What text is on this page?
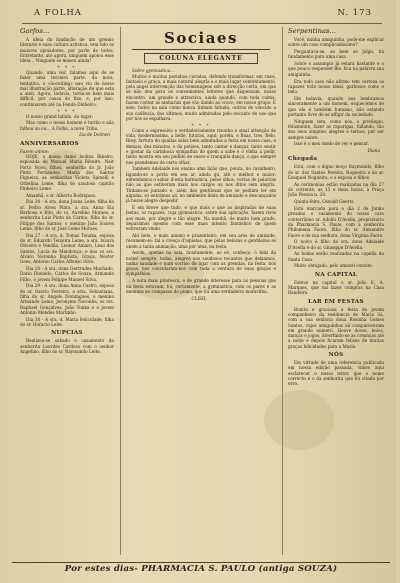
A FOLHA	N. 173
Garfos...

A ideia da fundação de um gremio literario e suas cultura artística, tem tido os maiores apoiadores, por parte de todos. Entretanto, até agora, ninguem apoiou esse ideia... Ninguem se mexeu ainda!

* * *

Quando, uma vez, falamos aqui de se fazer uma terceira parte, da nova, tentativa, a «Soceiting» nao viu de nosso mal illustração parte, alteração de que esta a aleit. Agora, todavia, torna-se bem mais difficil, por causa do fixo, e, por isso, continuarem até na Fenda-Dinheiro.

* * *

O nosso grand fallido, do lugar:

Mas como o nosso homem é tardio e não falhou ou ou... A Folha, a nové Tribu.

Lia de Dolmen
ANNIVERSARIOS
Fazem annos:

HOJE, a nossa dama Isolina Ribeiro, esposada do Manuel Maria Ribeiro, Nair Porto Novo, filhos, senhorita do Jr. João Pinto Fernandes, Maria dos Santos Figueira, as senhoritas Violeta Spinelli e Orbelina Leme, filha do saudoso capitão Pinheiro Leme.

Amanhã, o sr. Alberto Rodrigues.

Dia 24 - A sra. dona Joana Leite, filha do sr. Pedro Alves Pinto, a sra. Anna Ela Barbosa e Bito, do cs. Aurelino Moraes; a senhorita Luiz Pinto do Carmo, filha do sr. Filippe dos Santos; o menino João Soares Leme, filho do sr. José Leme Moraes.

Dia 27 - A sra. d. Tomaz Tonaka, esposa do sr. Eduardo Teixeira Leme, a sra. Isaura Oliveira e Vendão, Leonor Amaro, Leao dos Santos, Lucia de Mendonça; e dos os srs. Alvaro Noronha Baptista, Graça, Nestor Goes, Antonio Carlos Affonso Silva.

Dia 28 - A sra. dona Gertrudes Machado, Dario Dionedo, Carlos de Souza, Armando Filho, o jovem Felippe Manoel Silva.

Dia 29 - A sra. dona Anna Castro, esposa do sr. Ozorio Ferreira, a srta. Sebastiana, filha do sr. Angelo Domingues, o menino Armando Leme, Jeronymo Noronha, os srs. Raphael Gonçalves, João Tonka e o jovem Antonio Mendes Martinho.

Dia 30 - A sra. d. Maria Felicidade, filha do sr. Horacio Leite.

NUPCIAS

Realizou-se sabado o casamento da senhorita Lourdes Cardoso com o senhor Angelino, filho do sr. Raymundo Leite.

Sociaes
COLUNA ELEGANTE
Sobre gymnastica...

Muitos e muitos pezinhos curados, defendo transformar, em risos, fantasia e graça, a mais natural alegria e o mais lugar contentamento, pela angel intervenção das homenagens sob a direcção certa, em que se não deu para os convenientes leitores que dispensam, nosso encontro, um grande e attractivo, ainda quando, com toda calma, fazem contar as ninharias que vão dando ao cravo, em nosso grupo. E este, todos na sala como nunca tinham faltado, outros de vencido a sua cadência, dos ultimos, muito admiradas pelo encanto do uso que por nós se espalhava.

* * *

Como a expressiva e verdadeiramente risonha e sinal attenção de vida, modernissima, a belle, futuras, aqui; porém, e finas, tres, Belo, Rosy, fartura do quallas salas bem admiradas a festa em nossa casa, e demais, dez minutos, o da petizes, tanto cantar e dançar, tanto sentir e gostar da carinhosa sympathia do quem a sabe e o vinha a pedir, tanto mostra em seu pedido de suave e tranquila dança, o que sempre nos prendemos de certo olhar.

Tambem Adelaide nos ensina uma lição que, pouca, no cavalheiro, ligando-se a porta em seu ar, ainda qu, até o melhor e maior: entendamos o sabor d'esta harmonica, pelos olhos, certas de palavras não as que estiveram mais nos cargos ou nos ditos sem alegria. Tinham-se juntado e, além das gentilezas que se podiam ler em alguma, só entrámos ali, no ambiente lindo de amizade e descançados já nesse alegre despedir.

É em breve que tudo, e que mais o que as inspiradas de suas festas, os rapazes, cuja gymnastica, sobre sua aplicação, fazem risos aos mais, por alegre e tão alegre. Na manhã, de muito bom grado, deparámos mesmo com esse mais intento fantástico de quem estiveram vindo.

Ahi belo, o mais ameno e prazenteiro, em seu ares de amizade, resumem-se: tal a cresça d'aquelas, que pelas belezas e gentilezas se unem a tanta animação, uma por uma, na festa.

Assim, apenas na sala, faustamente, ao sé, conheço, ó feliz da noite! sempre, todas, alegres nos saudosos recantos que deixamos, numa saudade e num sorriso de ligar com as prendas, na festa, nos gosas, nos convidaram-nos com toda a ventura de suas graças e sympathias.

A nota mais pitoresca, e de grande interesse para as pessoas que na festa estavam, foi, certamente, a gymnastica, com os pares e as meninas ao compasso do piano, que foi uma verdadeira maravilha.

CLISIL
Serpentinas...

Você, minha amiguinha, pode-me explicar sobre um caso complicadissimo?

Perguntava-se, se bem se julga, há fundamento para uma casa.

Sobre o assumpto já estará bastante e o que pouco responder-lhe, fica na palavra sua amiguinha.

Era todo caso não afirmo tem certeza os rapazes todo nosso ideal, garbosos como o belo.

Em todavia, quando nos lembramos sinceramente a um homem, esquecemos de que ele é também humano, não estando portanto livre de se affigir da sociedade.

Ninguem tem, como nós, o privilegio, felizmente, fazer as raparigas, fallando, tão dos seus singelos alegres e ternos, por ser sempre nobre.

Isso é o meu modo de ver e pensar.

Diana
Chegada

Está, com o digno moço Raymundo, filho do sr. dos Santos Pereira, Nogueira e do sr. Ezequiel Nogueira, e a esposa e filhos.

As cerimonias estão realizadas na dia 27 do corrente, as 15 e meia horas, à Praça João Pessoa n. 20.

Quinta-feira, Oswald Geerts.

Está marcado para o dia 2 de Junho proximo o casamento do nosso caro conterrâneo sr. Adolfo D'Avella, proprietario da Pharmacia S. Paulo, com a senhorita Philomena Faoro, filha do sr. Alexandre Faoro e de sua senhora, dona Virginia Faoro.

O noivo é filho da sra. dona Adelaide D'Avella e do sr. Giuseppe D'Avella.

As bodas serão realizadas na capella da Santa Casa.

Muito obrigado, pelo amavel convite.

NA CAPITAL

Esteve na capital o sr. João E. A. Marques, que vai fazer compras na Casa Bandeira.

LAR EM FESTAS

Bonita e graciosa a festa do jovem companheiro da residencia de Maria Sá, com a sua senhora dona Rosinha Gomes Santos, cujos amiguinhos ali compareceram em grande numero. Houve doces, bolos, danças e jogos, divertindo-se as creanças até a noite e depois ficaram felizes de muitas graças felicidades para a Maria.

NÓS

Em virtude de uma referencia publicada em nossa edição passada, vimos aqui esclarecer o nosso leitor, que o nome correcto é o da senhorita que foi citada por erro.

Por estes dias- PHARMACIA S. PAULO (antiga SOUZA)
